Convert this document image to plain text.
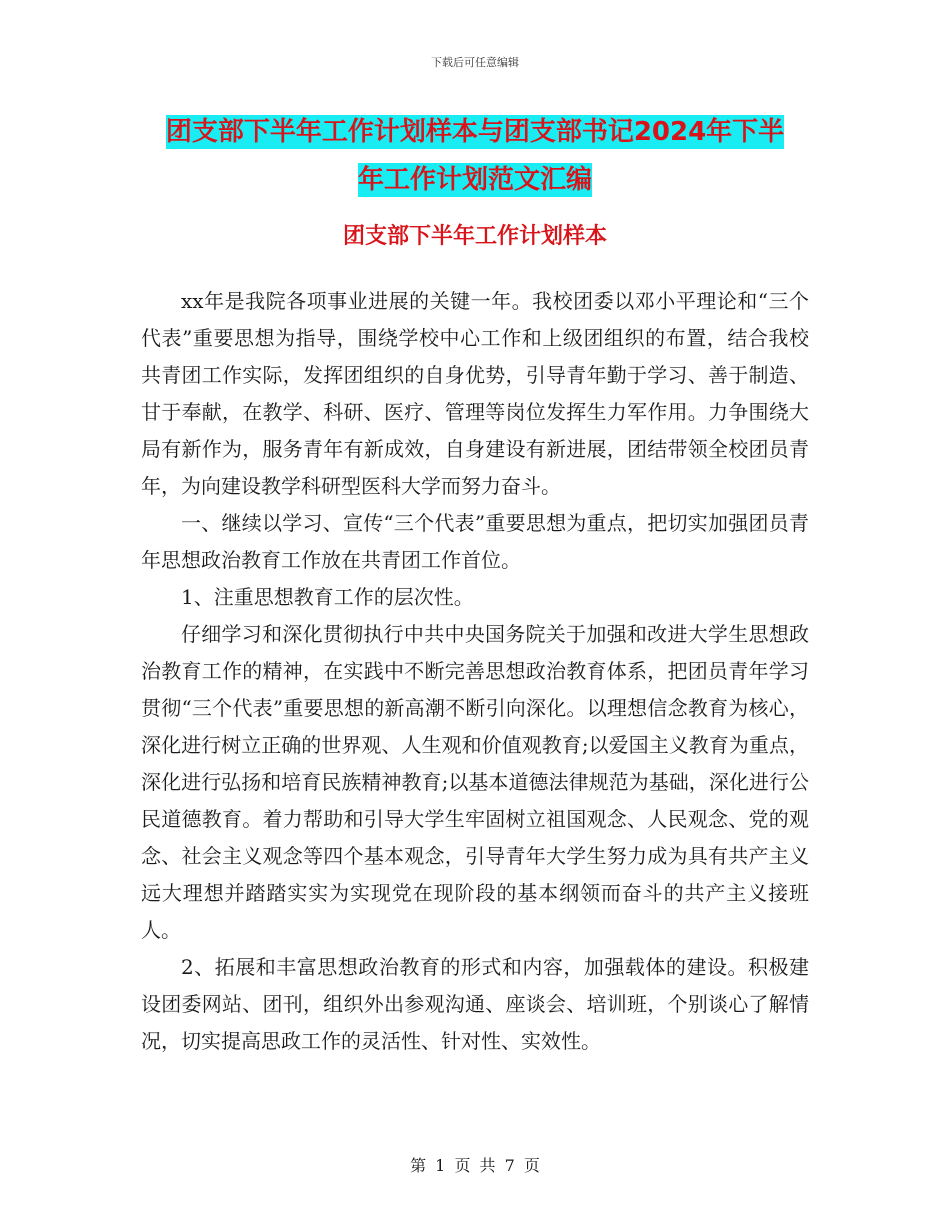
下载后可任意编辑
团支部下半年工作计划样本与团支部书记2024年下半
年工作计划范文汇编
团支部下半年工作计划样本

xx年是我院各项事业进展的关键一年。我校团委以邓小平理论和“三个代表”重要思想为指导，围绕学校中心工作和上级团组织的布置，结合我校共青团工作实际，发挥团组织的自身优势，引导青年勤于学习、善于制造、甘于奉献，在教学、科研、医疗、管理等岗位发挥生力军作用。力争围绕大局有新作为，服务青年有新成效，自身建设有新进展，团结带领全校团员青年，为向建设教学科研型医科大学而努力奋斗。

一、继续以学习、宣传“三个代表”重要思想为重点，把切实加强团员青年思想政治教育工作放在共青团工作首位。

1、注重思想教育工作的层次性。

仔细学习和深化贯彻执行中共中央国务院关于加强和改进大学生思想政治教育工作的精神，在实践中不断完善思想政治教育体系，把团员青年学习贯彻“三个代表”重要思想的新高潮不断引向深化。以理想信念教育为核心，深化进行树立正确的世界观、人生观和价值观教育;以爱国主义教育为重点，深化进行弘扬和培育民族精神教育;以基本道德法律规范为基础，深化进行公民道德教育。着力帮助和引导大学生牢固树立祖国观念、人民观念、党的观念、社会主义观念等四个基本观念，引导青年大学生努力成为具有共产主义远大理想并踏踏实实为实现党在现阶段的基本纲领而奋斗的共产主义接班人。

2、拓展和丰富思想政治教育的形式和内容，加强载体的建设。积极建设团委网站、团刊，组织外出参观沟通、座谈会、培训班，个别谈心了解情况，切实提高思政工作的灵活性、针对性、实效性。

第 1 页 共 7 页
